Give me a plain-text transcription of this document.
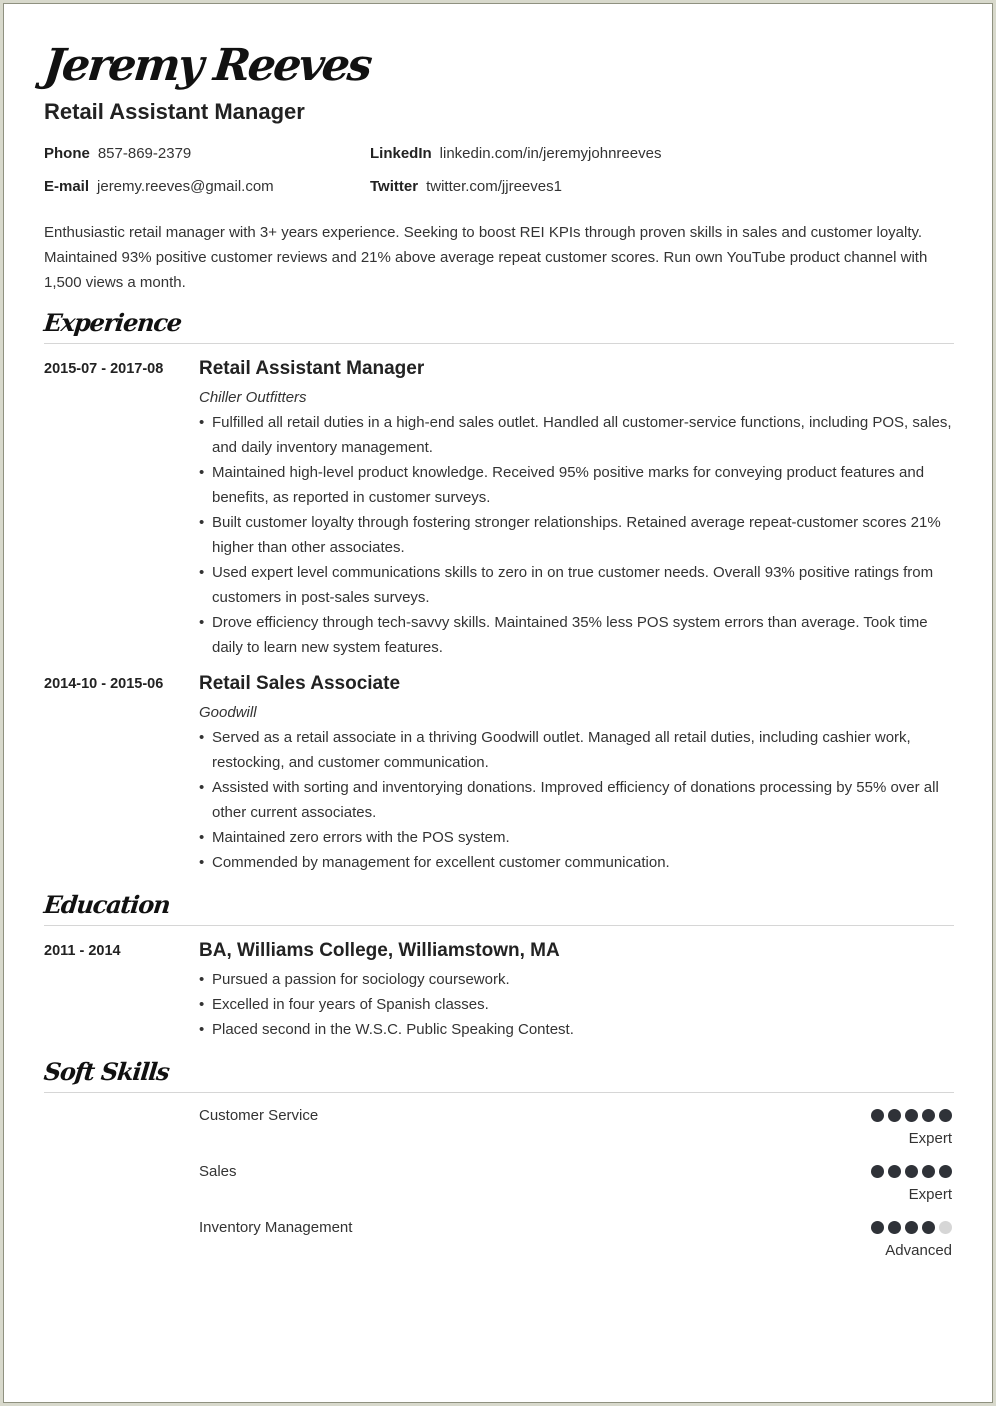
Jeremy Reeves
Retail Assistant Manager
Phone 857-869-2379
E-mail jeremy.reeves@gmail.com
LinkedIn linkedin.com/in/jeremyjohnreeves
Twitter twitter.com/jjreeves1
Enthusiastic retail manager with 3+ years experience. Seeking to boost REI KPIs through proven skills in sales and customer loyalty. Maintained 93% positive customer reviews and 21% above average repeat customer scores. Run own YouTube product channel with 1,500 views a month.
Experience
2015-07 - 2017-08 Retail Assistant Manager
Chiller Outfitters
• Fulfilled all retail duties in a high-end sales outlet. Handled all customer-service functions, including POS, sales, and daily inventory management.
• Maintained high-level product knowledge. Received 95% positive marks for conveying product features and benefits, as reported in customer surveys.
• Built customer loyalty through fostering stronger relationships. Retained average repeat-customer scores 21% higher than other associates.
• Used expert level communications skills to zero in on true customer needs. Overall 93% positive ratings from customers in post-sales surveys.
• Drove efficiency through tech-savvy skills. Maintained 35% less POS system errors than average. Took time daily to learn new system features.
2014-10 - 2015-06 Retail Sales Associate
Goodwill
• Served as a retail associate in a thriving Goodwill outlet. Managed all retail duties, including cashier work, restocking, and customer communication.
• Assisted with sorting and inventorying donations. Improved efficiency of donations processing by 55% over all other current associates.
• Maintained zero errors with the POS system.
• Commended by management for excellent customer communication.
Education
2011 - 2014	BA, Williams College, Williamstown, MA
• Pursued a passion for sociology coursework.
• Excelled in four years of Spanish classes.
• Placed second in the W.S.C. Public Speaking Contest.
Soft Skills
Customer Service
Expert
Sales
Expert
Inventory Management
Advanced
